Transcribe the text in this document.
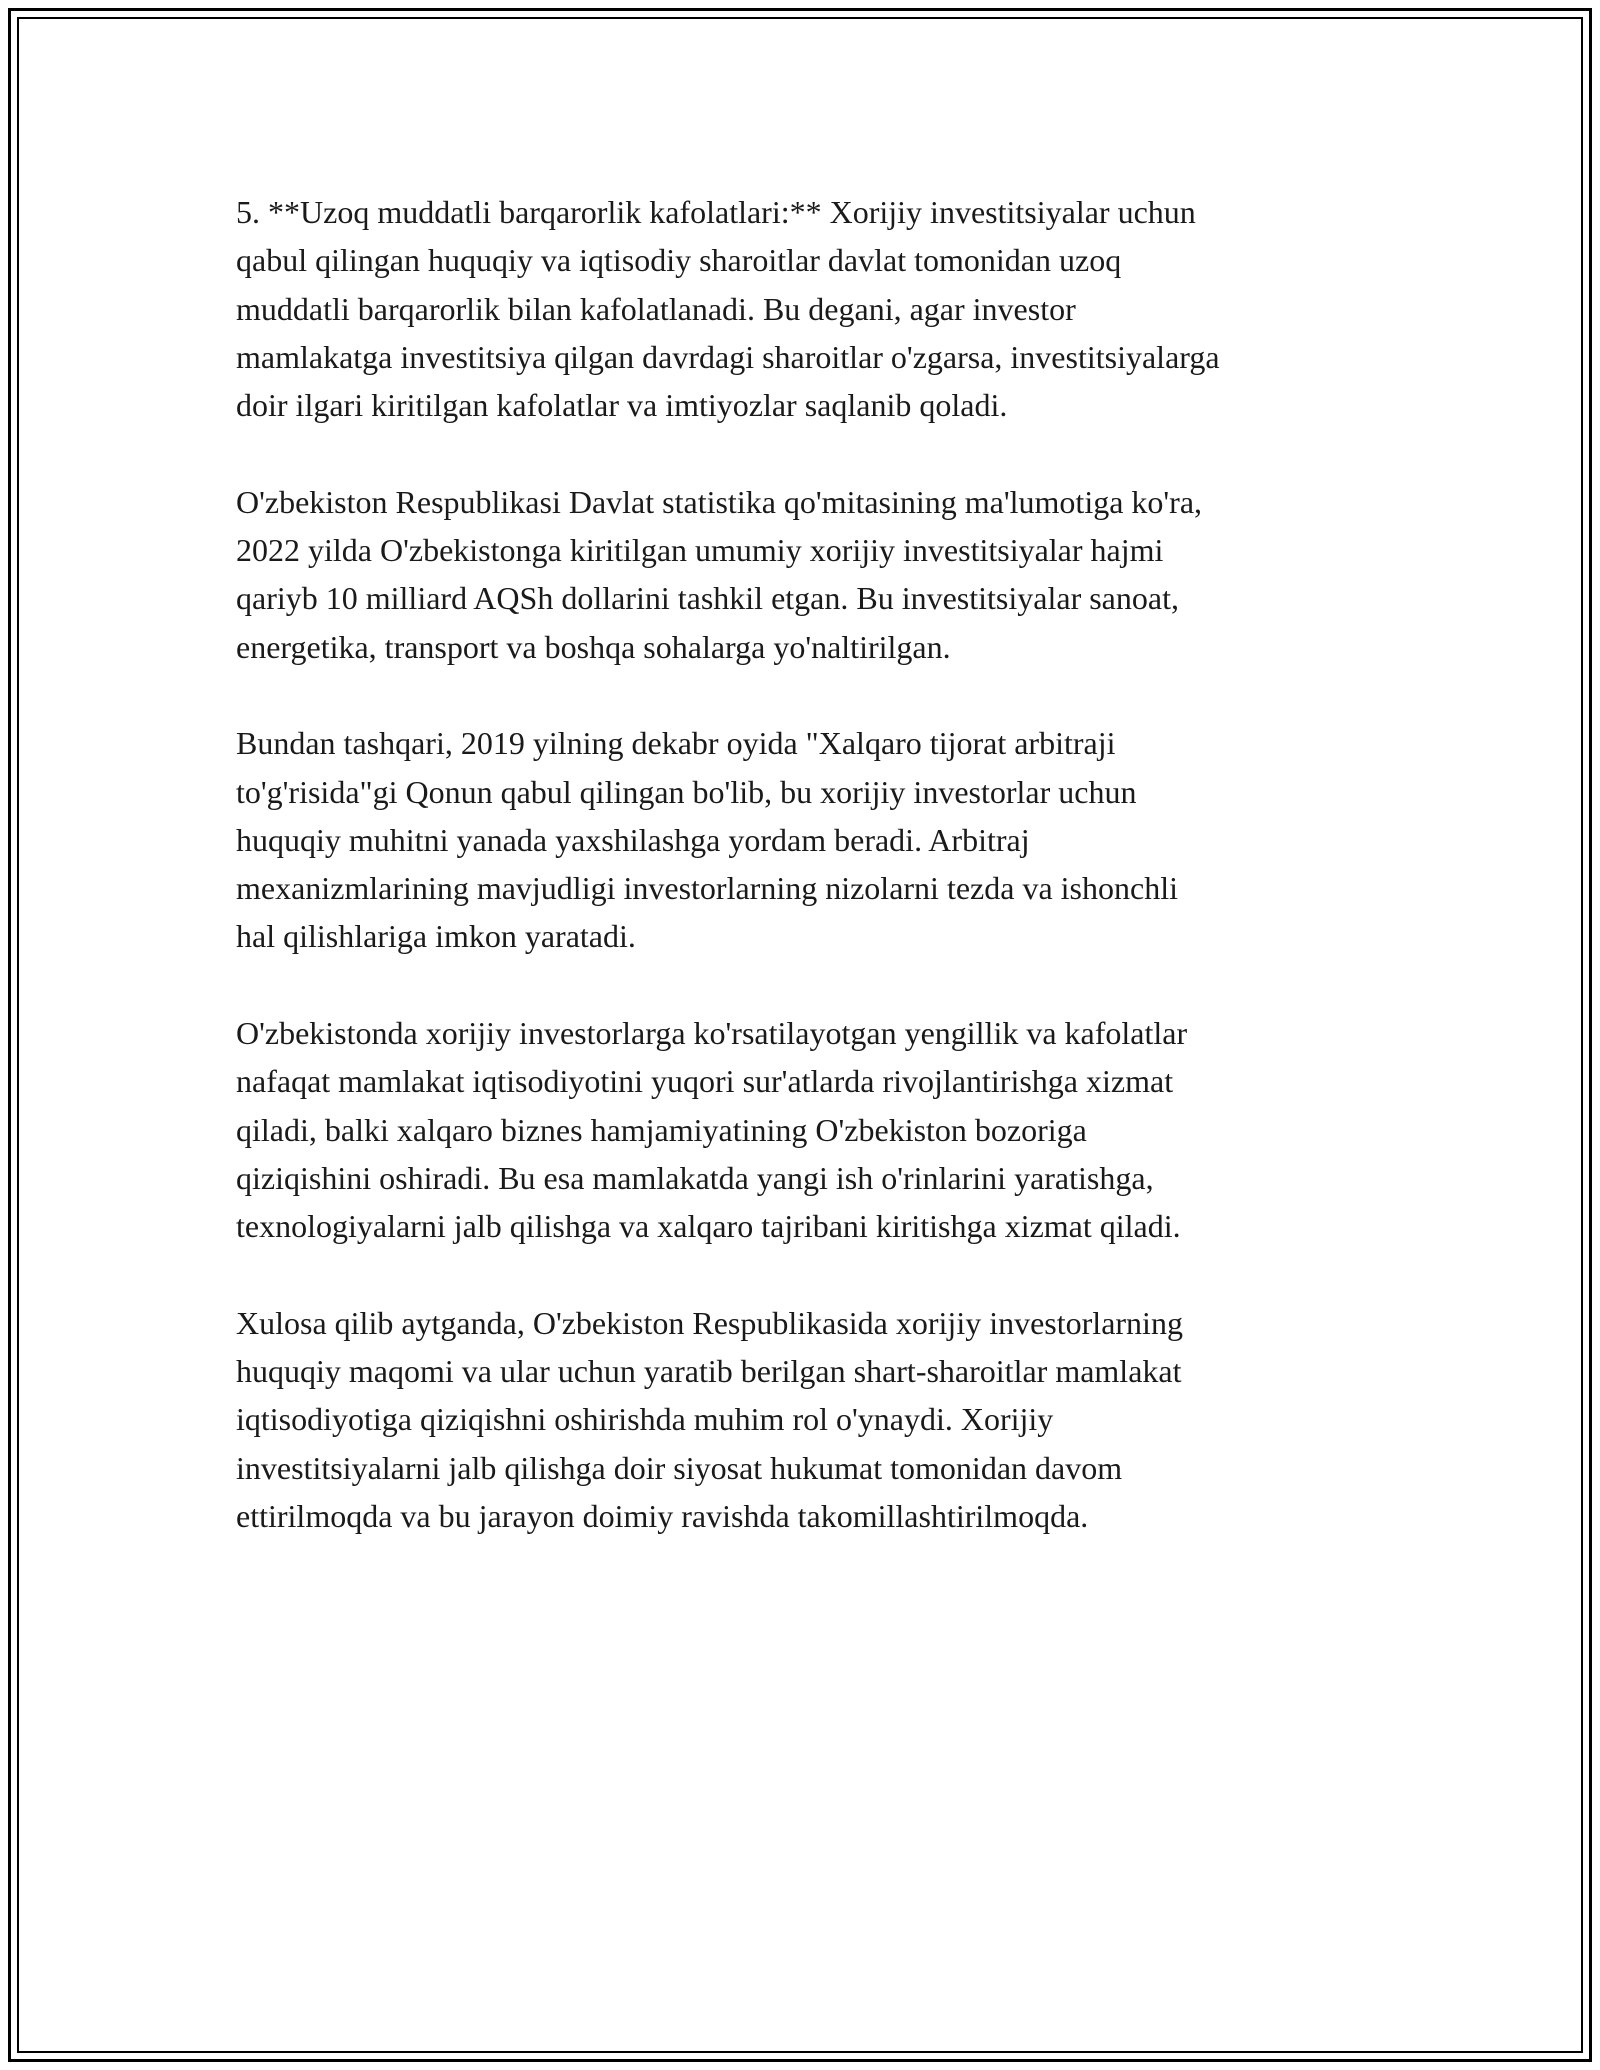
5. **Uzoq muddatli barqarorlik kafolatlari:** Xorijiy investitsiyalar uchun
qabul qilingan huquqiy va iqtisodiy sharoitlar davlat tomonidan uzoq
muddatli barqarorlik bilan kafolatlanadi. Bu degani, agar investor
mamlakatga investitsiya qilgan davrdagi sharoitlar o'zgarsa, investitsiyalarga
doir ilgari kiritilgan kafolatlar va imtiyozlar saqlanib qoladi.

O'zbekiston Respublikasi Davlat statistika qo'mitasining ma'lumotiga ko'ra,
2022 yilda O'zbekistonga kiritilgan umumiy xorijiy investitsiyalar hajmi
qariyb 10 milliard AQSh dollarini tashkil etgan. Bu investitsiyalar sanoat,
energetika, transport va boshqa sohalarga yo'naltirilgan.

Bundan tashqari, 2019 yilning dekabr oyida "Xalqaro tijorat arbitraji
to'g'risida"gi Qonun qabul qilingan bo'lib, bu xorijiy investorlar uchun
huquqiy muhitni yanada yaxshilashga yordam beradi. Arbitraj
mexanizmlarining mavjudligi investorlarning nizolarni tezda va ishonchli
hal qilishlariga imkon yaratadi.

O'zbekistonda xorijiy investorlarga ko'rsatilayotgan yengillik va kafolatlar
nafaqat mamlakat iqtisodiyotini yuqori sur'atlarda rivojlantirishga xizmat
qiladi, balki xalqaro biznes hamjamiyatining O'zbekiston bozoriga
qiziqishini oshiradi. Bu esa mamlakatda yangi ish o'rinlarini yaratishga,
texnologiyalarni jalb qilishga va xalqaro tajribani kiritishga xizmat qiladi.

Xulosa qilib aytganda, O'zbekiston Respublikasida xorijiy investorlarning
huquqiy maqomi va ular uchun yaratib berilgan shart-sharoitlar mamlakat
iqtisodiyotiga qiziqishni oshirishda muhim rol o'ynaydi. Xorijiy
investitsiyalarni jalb qilishga doir siyosat hukumat tomonidan davom
ettirilmoqda va bu jarayon doimiy ravishda takomillashtirilmoqda.
